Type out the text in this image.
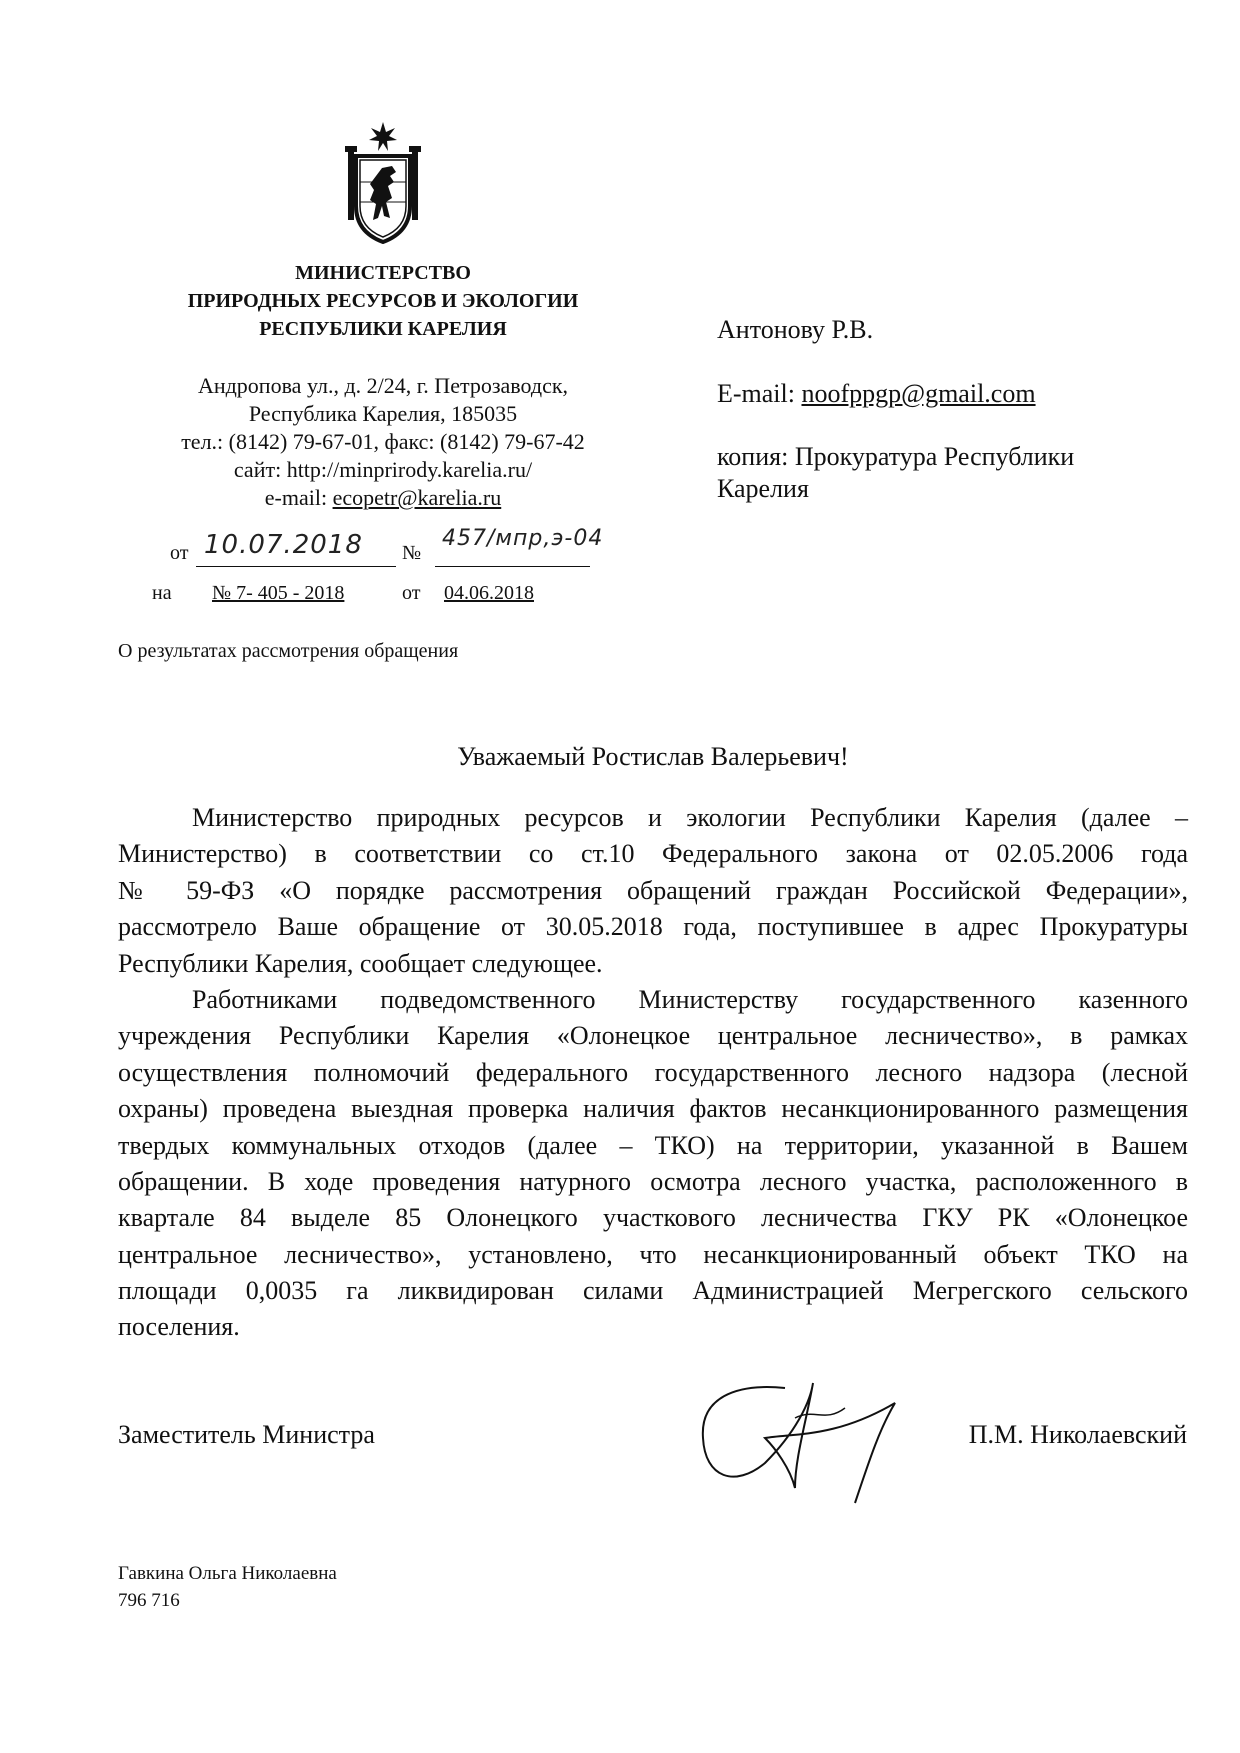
МИНИСТЕРСТВО
ПРИРОДНЫХ РЕСУРСОВ И ЭКОЛОГИИ
РЕСПУБЛИКИ КАРЕЛИЯ
Андропова ул., д. 2/24, г. Петрозаводск,
Республика Карелия, 185035
тел.: (8142) 79-67-01, факс: (8142) 79-67-42
сайт: http://minprirody.karelia.ru/
e-mail: ecopetr@karelia.ru
от 10.07.2018 №
457/мпр,э-04
на № 7- 405 - 2018	от 04.06.2018
О результатах рассмотрения обращения
Антонову Р.В.
E-mail: noofppgp@gmail.com
копия: Прокуратура Республики
Карелия
Уважаемый Ростислав Валерьевич!
Министерство природных ресурсов и экологии Республики Карелия (далее –
Министерство) в соответствии со ст.10 Федерального закона от 02.05.2006 года
№ 59-ФЗ «О порядке рассмотрения обращений граждан Российской Федерации»,
рассмотрело Ваше обращение от 30.05.2018 года, поступившее в адрес Прокуратуры
Республики Карелия, сообщает следующее.
Работниками подведомственного Министерству государственного казенного
учреждения Республики Карелия «Олонецкое центральное лесничество», в рамках
осуществления полномочий федерального государственного лесного надзора (лесной
охраны) проведена выездная проверка наличия фактов несанкционированного размещения
твердых коммунальных отходов (далее – ТКО) на территории, указанной в Вашем
обращении. В ходе проведения натурного осмотра лесного участка, расположенного в
квартале 84 выделе 85 Олонецкого участкового лесничества ГКУ РК «Олонецкое
центральное лесничество», установлено, что несанкционированный объект ТКО на
площади 0,0035 га ликвидирован силами Администрацией Мегрегского сельского
поселения.
Заместитель Министра	П.М. Николаевский
Гавкина Ольга Николаевна
796 716
